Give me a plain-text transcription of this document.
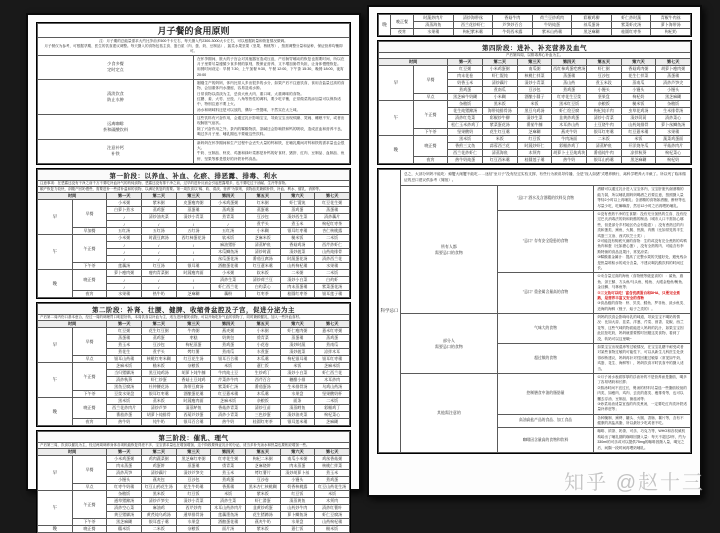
月子餐的食用原则	

注：月子期的总能量需求大约比孕前多500千卡左右，每天摄入约2300-3000大卡左右，可以根据奶量和恢复情况微调。
月子餐仅为参考，可根据孕期、医生的饮食建议调整。每天摄入的食物包括主食、蛋白质（肉、蛋、奶、豆制品）、蔬菜水果坚果（坚果、核桃等），按需调整分量和品种，保证营养均衡即可。	

少食多餐
定时定点

在怀孕期间，胀大的子宫会对其他器官造成压迫，产后肠胃蠕动的恢复也需要时间，所以在月子里要尽量遵循少食多餐的原则，既保证营养，又不增加肠胃负担，让身体慢慢恢复。
用餐时间设定：早餐 7:30，上午加餐 9:30，午餐 12:00，下午茶 15:30，晚餐 18:00，夜宵 20:00

清淡饮食
防止水肿

刚刚生产的妈妈，体内比常人多出很多的水分，如果产后不注意饮食，食用含盐量过高的食物，会加重体内水潴留，容易造成水肿。
日常食物以清淡为主，忌食大鱼大肉、重口味、太重调味的食物。
红糖、姜、大枣、豆豉、八角等热性的调料，要少吃平衡，正常做菜的添加量可以保持适中，特别注意不要上火。
汤水和调味料还是可以放的，偶尔一些提味，不然实在太乏味。

远离咖啡
茶和碳酸饮料

这些饮料有兴奋作用，会通过乳汁影响宝宝，导致宝宝出现烦躁、哭闹、睡眠不安，或者出现肠胀气症状。
除了兴奋作用之外，茶内的鞣酸物质、茶碱还会影响铁和钙的吸收，造成贫血和营养不良，喝过多月子里、哺乳期也不要碰这些饮料。

注意补钙
补铁

新妈妈在怀孕期间和生产过程中会丢失大量的钙和铁，在哺乳期间对钙和铁的需求量也会很大。
牛奶、豆制品、虾皮、鸡蛋和绿叶菜都是补钙的好食材，猪肝、红肉、豆制品、血制品、鱼虾、坚果等都是很好的补铁补钙食品。
第一阶段：以养血、补血、化瘀、排恶露、排毒、利水								
注意事项：在恶露还没有干净之前千万不要吃补血补气的药炖食物，恶露还没有排干净之前，过早的进补反而会引起恶露增多，也不要吃过于油腻、生冷等食物。								
顺产恢复力较快，剖腹产回奶慢些，需要进补一些清补温和的食物，以满足恢复的需要。第一周饮食以"稀、软、清淡、营养"为原则，食物品类兼顾补铁、补血、利水、催乳、消肿等。								
时间		第一天	第二天	第三天	第四天	第五天	第六天	第七天
早	早餐	小米粥	紫米粥	皮蛋瘦肉粥	小米鸡蛋粥	红米粥	虾仁馄饨	红豆花生粥
		白萝卜煮水	蒸鸡蛋	蒸蛋羹	蒸鸡蛋	蒸蛋羹	蒸鸡蛋	蒸蛋羹
		/	清炒油麦菜	清炒小青菜	煮青菜	豆沙包	清炒西生菜	清炒藕片
		/	/	/	/	煮芋头	煮玉米	枸杞红枣茶
	早加餐	五红汤	五红汤	五红汤	五红汤	小米糊	银耳红枣羹	杏仁核桃露
午	午正餐	小米粥	时蔬豆腐汤	西红柿蛋花汤	软米饭	芝麻米饭	糙米饭	二米饭
		/	/	/	麻油猪肝	清蒸鲈鱼	香菇鸡汤	西芹炒虾仁
		/	/	/	木瓜鲫鱼汤	清炒时蔬	清炒菠菜	山药炖排骨
		/	/	/	丝瓜蛋花汤	番茄豆腐汤	时蔬蛋花汤	清炒西兰花
	下午茶	莲藕汤	红豆汤	银耳羹	酒酿蛋花羹	红豆薏米羹	山药枸杞羹	水果羹
晚	晚正餐	萝卜瘦肉粥	瘦肉青菜粥	时蔬瘦肉面	小米粥	软米饭	二米粥	二米饭
		/	/	/	清炒生菜	清炒荷兰豆	清炒小白菜	白灼虾
		/	/	/	虾仁西兰花	白灼菜心	肉末蒸蛋羹	紫菜蛋花汤
	夜宵	水果羹	热牛奶	芝麻糊	藕粉	红枣茶	桂圆红枣茶	银耳莲子羹
第二阶段：补肾、壮腰、健脾、收缩骨盆腔及子宫，促进分泌为主								
产后第二周内伤口基本愈合，经过一周的调理胃口明显好转，本周饮食以补血为主，适当进补催奶食物，可以开始吃补气血的食物了，同时兼顾催乳，加入一些补血食材。								
时间		第一天	第二天	第三天	第四天	第五天	第六天	第七天
早	早餐	红豆粥	花生红豆粥	牛肉粥	燕麦粥	小米粥	虾仁瘦肉粥	薏米红枣粥
		蒸蛋羹	蒸鸡蛋	枣糕	奶黄包	烫青菜	蒸蛋羹	蒸鸡蛋
		煮玉米	豆沙包	枸杞蒸蛋	煮鸡蛋	小花卷	清炒时蔬	煮南瓜
		煮花生	煮芋头	烤红薯	煮南瓜	水煮蛋	清炒菠菜	凉拌木耳
	早点	银耳山药羹	核桃红枣米糊	红豆花生汤	银耳百合羹	木瓜羹	枸杞银耳羹	银耳红枣羹
午	午正餐	芝麻米饭	糙米饭	杂粮饭	米饭	薏仁饭	米饭	芝麻米饭
		当归猪脚汤	黑豆炖鸡汤	胡萝卜炖牛腩	牛肉炖土豆	生炒鸡丁	清炒小白菜	虾仁西兰花
		清炒秋葵	虾仁炒蛋	香菇土豆炖鸡	芹菜炒牛肉	西芹百合	糖醋小排	木耳炒肉
		黑鱼豆腐汤	杜仲腰花汤	海带豆腐汤	紫菜虾仁汤	番茄蛋汤	生米排骨汤	乌鸡山药汤
	下午茶	豆浆水果盘	银耳红枣羹	酒酿蛋花羹	红豆薏米羹	木瓜羹	水果盘	坚果酸奶杯
晚	晚正餐	黑米饭	蒸米饭	时蔬瘦肉面	芝麻米饭	杂粮饭	面条	二米饭
		西兰花炒肉片	清炒芦笋	清蒸鲈鱼	香菇炒青菜	清炒豆苗	清蒸鳕鱼	彩椒鸡丁
		番茄炒蛋	胡萝卜炖排骨	西葫芦炒蛋	清炒小青菜	三色炒蛋	清炒油麦菜	枸杞菜心
	夜宵	热牛奶	纯牛奶	银耳百合羹	热牛奶	桂圆红枣茶	银耳莲米羹	芝麻糊
第三阶段：催乳、理气								
产后第三周，饮食以催乳为主，经过两周调养身体各项机能恢复得差不多，宝宝需求量也在增加增加，这个阶段要保证乳汁的分泌，适当多补充汤水和热量也要相应增加一些。								
时间		第一天	第二天	第三天	第四天	第五天	第六天	第七天
早	早餐	小米鸡蛋粥	鸡肉蔬菜粥	黑芝麻红枣粥	红枣花生粥	枸杞二米粥	南瓜小米粥	鸡丝香菇粥
		肉末蒸蛋	鸡蛋饼	蒸蛋羹	烫青菜	芝麻烧饼	肉末蒸蛋	核桃仁拌菜
		清炒莴笋	清炒藕片	清炒芦笋尖	煮玉米	烤红薯片	清炒胡萝卜丝	煮玉米
		小馒头	燕麦包	豆沙包	煮鸡蛋	豆沙卷	小馒头	煮鸡蛋
	早点	红枣牛奶羹	红豆山药花生汤	花生牛奶羹	香蕉羹	黑米杏仁核桃糊	奶香核桃露	红豆山药花生汤
午	午正餐	杂粮饭	黑米饭	红豆饭	米饭	紫米饭	红豆饭	米饭
		通草猪蹄汤	清炒芦笋尖	清炒小青菜	清炒生菜	虾仁滑蛋	清蒸黄鱼	木须肉
		清炒空心菜	麻油鸡	西芹炒肉	木耳山药炒肉片	韭黄炒鸡蛋	山药炒牛肉	清炒红薯叶
		黄豆猪脚汤	黄芪炖乌鸡汤	通草排骨汤	莲藕墨鱼汤	花生猪蹄汤	萝卜鲫鱼汤	虾仁豆腐汤
	下午茶	黑芝麻糊	银耳莲子羹	水果盘	酒酿蛋花羹	燕麦牛奶	水果盘	山药枸杞羹
晚	晚正餐	糯米饭	二米饭	杂粮饭	面片汤	紫米饭	薏仁饭	糙米饭
晚	晚正餐	时蔬炒肉片	清炒海带丝	香菇牛肉	荷兰豆炒鸡肉	彩椒鸡柳	虾仁炒时蔬	青椒牛肉丝
		清蒸海鱼	西兰花炒虾仁	芦笋炒百合	牛奶炖蛋	丝瓜蛋汤	紫菜虾皮汤	萝卜海带汤
	夜宵	水果羹	枸杞紫米羹	牛奶西米露	紫米山药羹	黑芝麻糊	桂圆红枣茶	枸杞奶
第四阶段：进补、补充营养及血气								
产后第四周，以排毒养心补血为主。								
时间		第一天	第二天	第三天	第四天	第五天	第六天	第七天
早	早餐	红豆粥	小米鸡蛋粥	南瓜粥	西红柿鸡蛋疙瘩汤	虾仁粥	香菇鸡肉粥	胡萝卜瘦肉粥
		肉末花卷	虾仁馄饨	核桃仁拌菜	蒸蛋羹	豆沙包	花生仁拌菜	蒸蛋羹
		奶香玉米	清炒藕片	清炒小青菜	蒸山药	煮玉米段	蒸南瓜	清炒芦笋尖
		煮鸡蛋	煮南瓜	豆沙包	煮鸡蛋	小馒头	小馒头	小馒头
	早点	黑芝麻牛奶糊	小米糊	酒酿小圆子	红枣花生豆浆	坚果盘	枸杞奶	黑芝麻糊
午	午正餐	杂粮饭	黑米饭	米饭	黑米红豆饭	杂粮饭	糙米饭	杂粮饭
		花生炖猪蹄汤	海带炖排骨汤	黑豆乌鸡汤	虾仁烩豆腐	枸杞炖羊肉	虫草花鸡汤	生米排骨汤
		清炒红苋菜	彩椒炒牛柳	清炒生菜	韭黄炒鸡蛋	清炒小青菜	清炒茼蒿	清炒菜心
		松仁玉米炒鸡丁	紫菜蛋花汤	番茄牛腩	木耳炒山药	土豆烧牛肉	山药炖排骨	萝卜丝鲫鱼汤
	下午茶	坚果酸奶	花生红豆羹	芝麻糊	燕麦牛奶	银耳红枣羹	红豆薏米羹	水果羹
晚	晚正餐	黑米饭	米饭	红豆饭	牛肉汤面	二米饭	米饭	蔬菜鸡蛋面
		香煎三文鱼	蒜蓉西兰花	时蔬炒虾仁	彩椒炒鸡丁	清蒸鲈鱼	开洋烧冬瓜	平菇炒肉片
		西兰花炒虾仁	清蒸海鱼	木须肉	胡萝卜土豆炖鸡块	番茄炖牛肉	凉拌秋葵	枸杞菜心
	夜宵	热牛奶炖蛋	红豆西米羹	桂圆莲子羹	热牛奶	银耳山药羹	黑芝麻糊	枸杞奶
科学忌口	总之，大部分妈妈不能吃：螃蟹大闸蟹不能吃……迷信"坐月子"没有经过实验支撑，有些行为被误导传播，全是"视人如猪"式喂养横行，离科学喂养大半截了。所以列了临床循证的忌口建议供参考（简版）。		

	所有人都
需要忌口的食物	"忌口" 酒水及含酒精的饮料及食物	酒精可以通过乳汁进入宝宝体内，宝宝肝脏代谢酒精的能力弱，所以哺乳期妈妈喝酒之后要注意，按照摄入量等待2小时以上再哺乳；含酒精的食物如酒酿、醉虾等也尽量少吃，吃嘛嘛香，然后12小时之后再喂奶哺乳。

		"忌口" 存有安全隐患的食物	①没有煮熟干净的生食類：没有充分加热的生食、没有经过巴氏消毒法的奶和奶酪的制品（城市人口不需担心哪些，但是部分乡村地区仍会有隐患）；没有煮熟过的肉类和蛋类、熏鱼、火腿、热狗、肉酱（比如常见的半生鸡蛋三文治、西式软芝士类）；
②可能没有彻底灭菌的食物：生的或没有完全煮熟的鸡鸭鱼肉和蛋（比如溏心蛋），没有全熟的肉、可能含有李斯特菌的食品及果汁，常见凉菜；
③鞣酸重金属汁：提高了完整水果的关键好处，避免残余是热量堆积水的成分含量，不建议喝乳酸饮料的时间过长。

		"忌口" 重金属含量高的食物	①汞含量过高的海鱼（食物链等级更高的）：鲨鱼、旗鱼、剑王鲭、方头鱼/马头鱼、鲶鱼、大眼金枪鱼/鲔鱼、金目鲷、马林鱼等；
②三文鱼可以吃！富含优质蛋白和DHA，只要完全煮熟，是营养丰富又安全的食物
③食品级的食物：虾、贝类、鳕鱼、罗非鱼、淡水鱼类、近海的海鲜（蛏子、蛤子之类的）。

	部分人
需要忌口的食物	气味大的食物	妈妈的饮食会影响母乳的味道，导致宝宝不喝奶的情况：比如大蒜、韭菜、洋葱、芹菜、茴香、花椒、西兰花等，这些气味的物质能进入妈妈的乳汁，如果宝宝因此抗拒吃奶，妈妈就需要暂时回避这类食物，看到了没，转奶可以这里哦~

		超过敏的食物	如果宝宝出现湿疹等过敏情况，在宝宝乳糖不耐受或者对某些食物过敏的可能性下，可以从新生儿科医生处获得诊断建议，妈妈再针对性回避过敏原（常见如牛奶、鸡蛋、花生、海鲜等），妈妈饮食平时饮食中的摄入适当。

	其他需注意的	控制膳食中油的脂肪量	①月子汤水表面厚厚的浮油补的不是营养而是脂肪，喝多了容易堵奶和长胖；
②熬汤时间不宜过长，煲汤的材料尽量选一些脂肪较低的肉类，如瘦肉、鸡肉、去皮的禽类、瘦排骨等，也可以撇去浮油、豆制品、菌菇汤等；
③炒菜用油适量宜选的肉类煮汤，一定要吃红肉类补铁适量补养虚等；

		高油高盐产品的食品、加工食品	各种腌制、熏烤、罐头、火腿、香肠、薯片等，含有不健康的高盐高脂，所以最好少吃或者不吃。

		咖啡因含量高的食物和饮料	咖啡、浓茶、奶茶、可乐、巧克力等，WHO和各权威机构给出了哺乳期的咖啡因摄入量：每天不超过2杯，约为330ml的可乐或可以提供75mg的咖啡因摄入量，喝完之后，间隔一段时间再喂奶哺乳。
知乎 @赵十三
